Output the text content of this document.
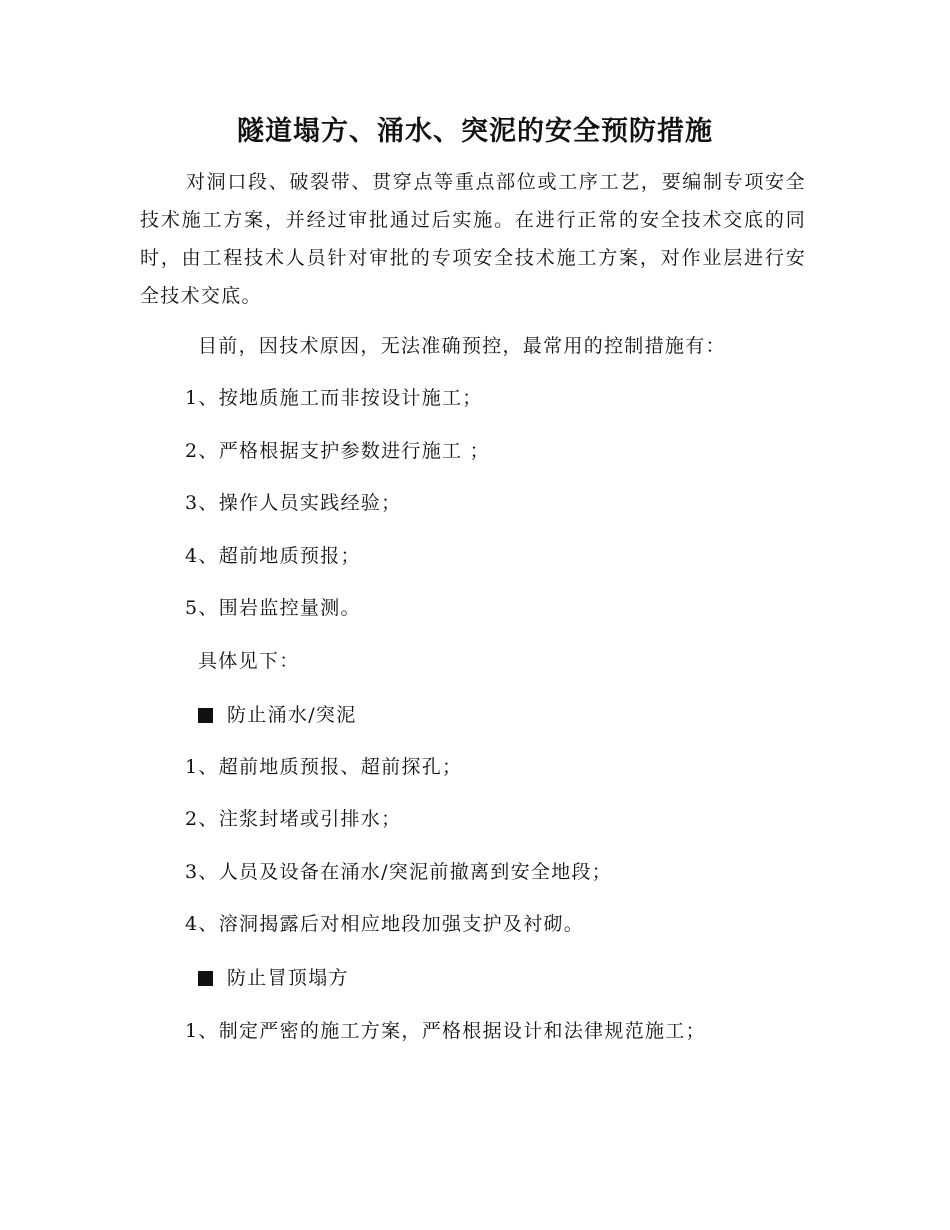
隧道塌方、涌水、突泥的安全预防措施

对洞口段、破裂带、贯穿点等重点部位或工序工艺，要编制专项安全技术施工方案，并经过审批通过后实施。在进行正常的安全技术交底的同时，由工程技术人员针对审批的专项安全技术施工方案，对作业层进行安全技术交底。

目前，因技术原因，无法准确预控，最常用的控制措施有：
1、按地质施工而非按设计施工；
2、严格根据支护参数进行施工 ；
3、操作人员实践经验；
4、超前地质预报；
5、围岩监控量测。
具体见下：
防止涌水/突泥
1、超前地质预报、超前探孔；
2、注浆封堵或引排水；
3、人员及设备在涌水/突泥前撤离到安全地段；
4、溶洞揭露后对相应地段加强支护及衬砌。
防止冒顶塌方
1、制定严密的施工方案，严格根据设计和法律规范施工；
